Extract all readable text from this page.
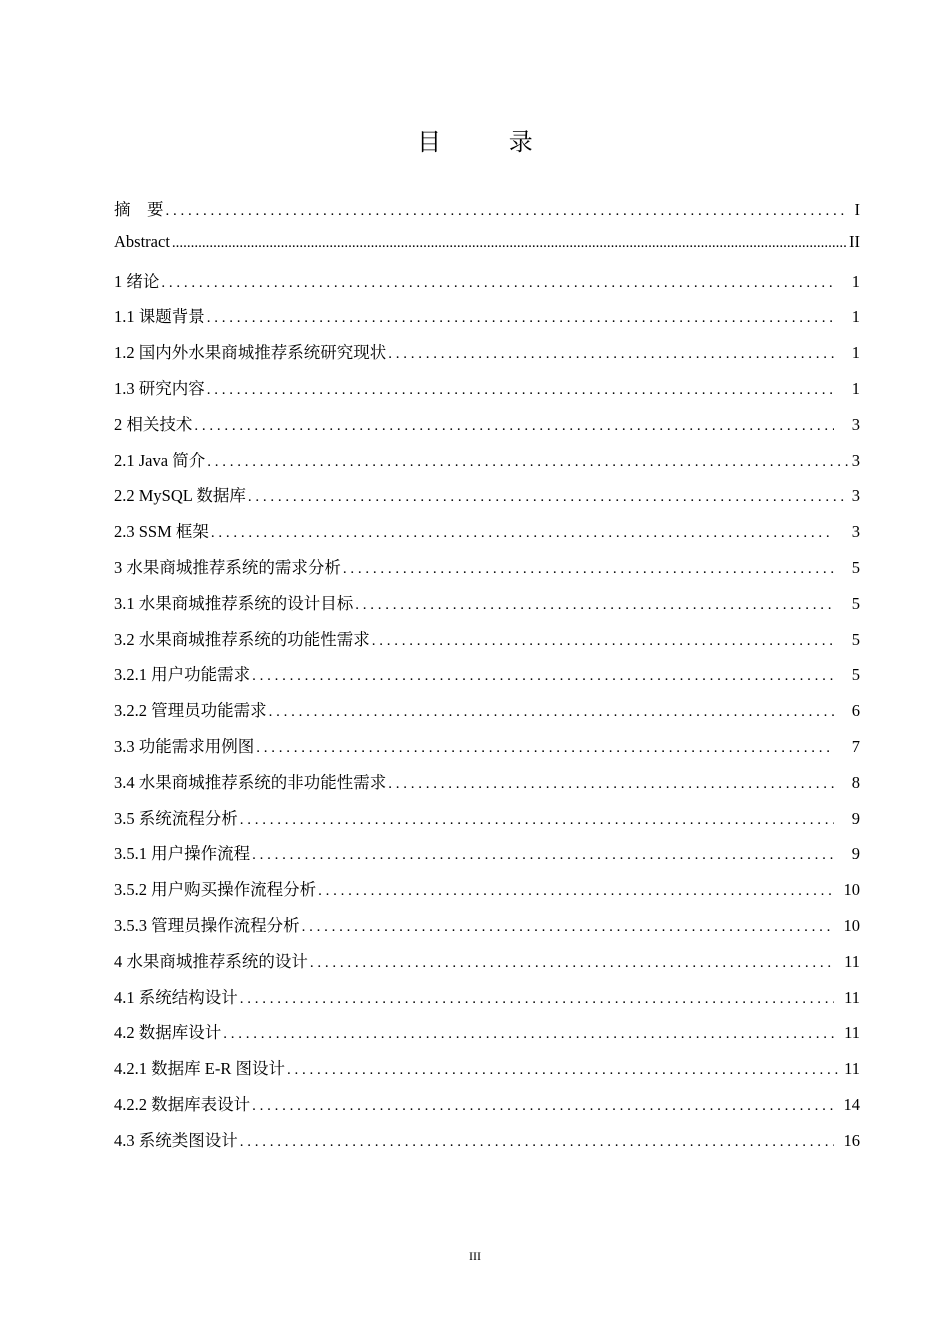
目 录
摘　要 . . .	I
Abstract .....	II
1 绪论 . . .	1
1.1 课题背景 . . .	1
1.2 国内外水果商城推荐系统研究现状 . . .	1
1.3 研究内容 . . .	1
2 相关技术 . . .	3
2.1 Java 简介 . . .	3
2.2 MySQL 数据库 . . .	3
2.3 SSM 框架 . . .	3
3 水果商城推荐系统的需求分析 . . .	5
3.1 水果商城推荐系统的设计目标 . . .	5
3.2 水果商城推荐系统的功能性需求 . . .	5
3.2.1 用户功能需求 . . .	5
3.2.2 管理员功能需求 . . .	6
3.3 功能需求用例图 . . .	7
3.4 水果商城推荐系统的非功能性需求 . . .	8
3.5 系统流程分析 . . .	9
3.5.1 用户操作流程 . . .	9
3.5.2 用户购买操作流程分析 . . .	10
3.5.3 管理员操作流程分析 . . .	10
4 水果商城推荐系统的设计 . . .	11
4.1 系统结构设计 . . .	11
4.2 数据库设计 . . .	11
4.2.1 数据库 E-R 图设计 . . .	11
4.2.2 数据库表设计 . . .	14
4.3 系统类图设计 . . .	16
III
